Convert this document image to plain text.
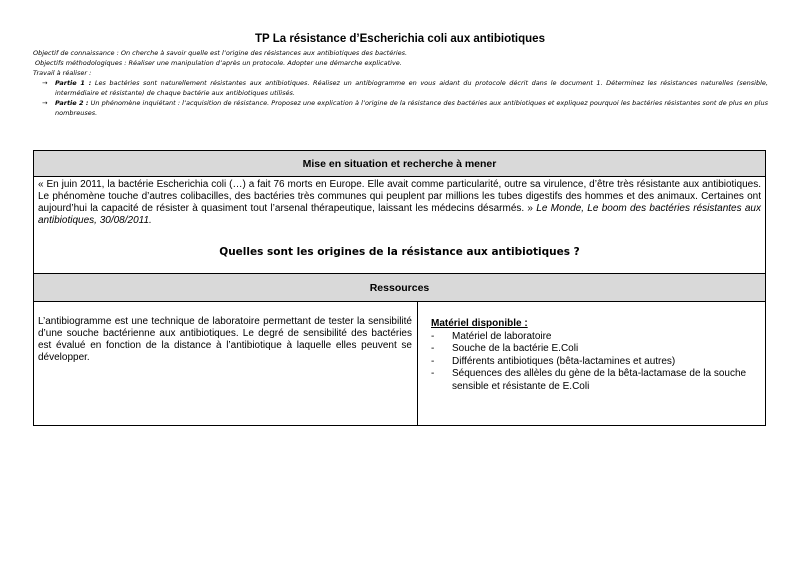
TP La résistance d’Escherichia coli aux antibiotiques
Objectif de connaissance : On cherche à savoir quelle est l’origine des résistances aux antibiotiques des bactéries.
Objectifs méthodologiques : Réaliser une manipulation d’après un protocole. Adopter une démarche explicative.
Travail à réaliser :
→ Partie 1 : Les bactéries sont naturellement résistantes aux antibiotiques. Réalisez un antibiogramme en vous aidant du protocole décrit dans le document 1. Déterminez les résistances naturelles (sensible, intermédiaire et résistante) de chaque bactérie aux antibiotiques utilisés.
→ Partie 2 : Un phénomène inquiétant : l’acquisition de résistance. Proposez une explication à l’origine de la résistance des bactéries aux antibiotiques et expliquez pourquoi les bactéries résistantes sont de plus en plus nombreuses.
Mise en situation et recherche à mener
« En juin 2011, la bactérie Escherichia coli (…) a fait 76 morts en Europe. Elle avait comme particularité, outre sa virulence, d’être très résistante aux antibiotiques. Le phénomène touche d’autres colibacilles, des bactéries très communes qui peuplent par millions les tubes digestifs des hommes et des animaux. Certaines ont aujourd’hui la capacité de résister à quasiment tout l’arsenal thérapeutique, laissant les médecins désarmés. » Le Monde, Le boom des bactéries résistantes aux antibiotiques, 30/08/2011.
Quelles sont les origines de la résistance aux antibiotiques ?
Ressources
L’antibiogramme est une technique de laboratoire permettant de tester la sensibilité d’une souche bactérienne aux antibiotiques. Le degré de sensibilité des bactéries est évalué en fonction de la distance à l’antibiotique à laquelle elles peuvent se développer.
Matériel disponible :
- Matériel de laboratoire
- Souche de la bactérie E.Coli
- Différents antibiotiques (bêta-lactamines et autres)
- Séquences des allèles du gène de la bêta-lactamase de la souche sensible et résistante de E.Coli
